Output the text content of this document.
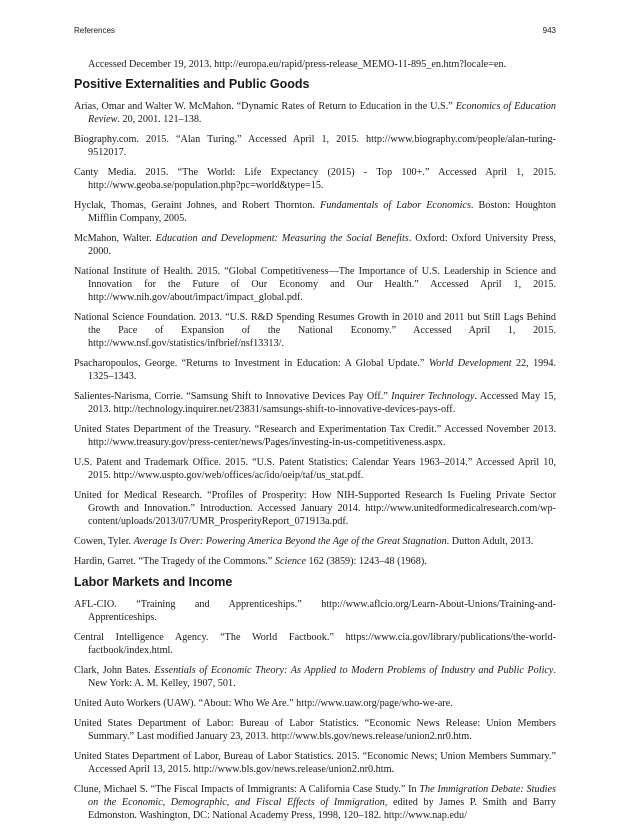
References	943

Accessed December 19, 2013. http://europa.eu/rapid/press-release_MEMO-11-895_en.htm?locale=en.

Positive Externalities and Public Goods

Arias, Omar and Walter W. McMahon. “Dynamic Rates of Return to Education in the U.S.” Economics of Education Review. 20, 2001. 121–138.

Biography.com. 2015. “Alan Turing.” Accessed April 1, 2015. http://www.biography.com/people/alan-turing-9512017.

Canty Media. 2015. “The World: Life Expectancy (2015) - Top 100+.” Accessed April 1, 2015. http://www.geoba.se/population.php?pc=world&type=15.

Hyclak, Thomas, Geraint Johnes, and Robert Thornton. Fundamentals of Labor Economics. Boston: Houghton Mifflin Company, 2005.

McMahon, Walter. Education and Development: Measuring the Social Benefits. Oxford: Oxford University Press, 2000.

National Institute of Health. 2015. “Global Competitiveness—The Importance of U.S. Leadership in Science and Innovation for the Future of Our Economy and Our Health.” Accessed April 1, 2015. http://www.nih.gov/about/impact/impact_global.pdf.

National Science Foundation. 2013. “U.S. R&D Spending Resumes Growth in 2010 and 2011 but Still Lags Behind the Pace of Expansion of the National Economy.” Accessed April 1, 2015. http://www.nsf.gov/statistics/infbrief/nsf13313/.

Psacharopoulos, George. “Returns to Investment in Education: A Global Update.” World Development 22, 1994. 1325–1343.

Salientes-Narisma, Corrie. “Samsung Shift to Innovative Devices Pay Off.” Inquirer Technology. Accessed May 15, 2013. http://technology.inquirer.net/23831/samsungs-shift-to-innovative-devices-pays-off.

United States Department of the Treasury. “Research and Experimentation Tax Credit.” Accessed November 2013. http://www.treasury.gov/press-center/news/Pages/investing-in-us-competitiveness.aspx.

U.S. Patent and Trademark Office. 2015. “U.S. Patent Statistics: Calendar Years 1963–2014.” Accessed April 10, 2015. http://www.uspto.gov/web/offices/ac/ido/oeip/taf/us_stat.pdf.

United for Medical Research. “Profiles of Prosperity: How NIH-Supported Research Is Fueling Private Sector Growth and Innovation.” Introduction. Accessed January 2014. http://www.unitedformedicalresearch.com/wp-content/uploads/2013/07/UMR_ProsperityReport_071913a.pdf.

Cowen, Tyler. Average Is Over: Powering America Beyond the Age of the Great Stagnation. Dutton Adult, 2013.

Hardin, Garret. “The Tragedy of the Commons.” Science 162 (3859): 1243–48 (1968).

Labor Markets and Income

AFL-CIO. “Training and Apprenticeships.” http://www.aflcio.org/Learn-About-Unions/Training-and-Apprenticeships.

Central Intelligence Agency. “The World Factbook.” https://www.cia.gov/library/publications/the-world-factbook/index.html.

Clark, John Bates. Essentials of Economic Theory: As Applied to Modern Problems of Industry and Public Policy. New York: A. M. Kelley, 1907, 501.

United Auto Workers (UAW). “About: Who We Are.” http://www.uaw.org/page/who-we-are.

United States Department of Labor: Bureau of Labor Statistics. “Economic News Release: Union Members Summary.” Last modified January 23, 2013. http://www.bls.gov/news.release/union2.nr0.htm.

United States Department of Labor, Bureau of Labor Statistics. 2015. “Economic News; Union Members Summary.” Accessed April 13, 2015. http://www.bls.gov/news.release/union2.nr0.htm.

Clune, Michael S. “The Fiscal Impacts of Immigrants: A California Case Study.” In The Immigration Debate: Studies on the Economic, Demographic, and Fiscal Effects of Immigration, edited by James P. Smith and Barry Edmonston. Washington, DC: National Academy Press, 1998, 120–182. http://www.nap.edu/
